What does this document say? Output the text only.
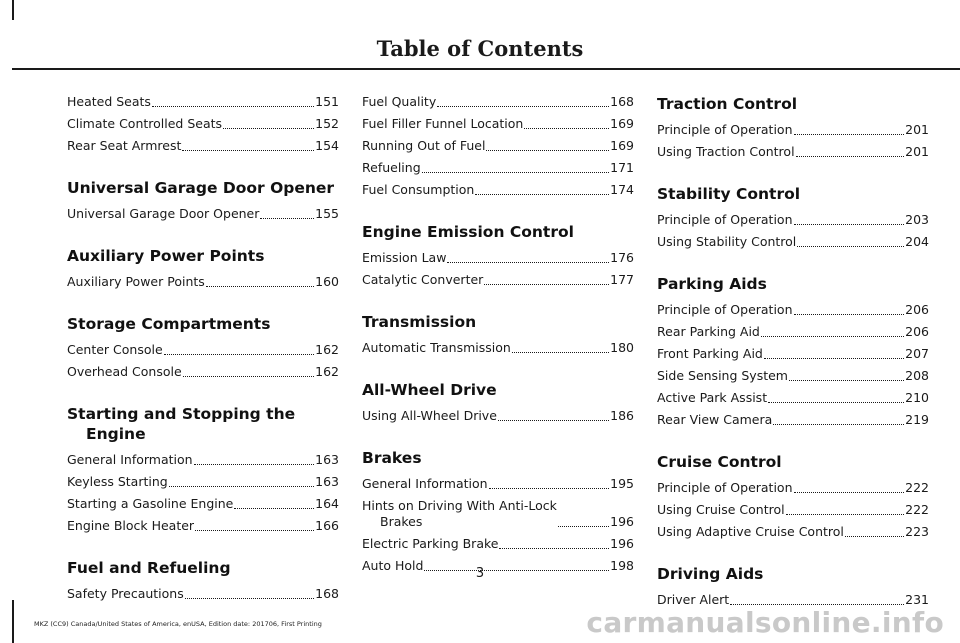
Table of Contents
Heated Seats	151
Climate Controlled Seats	152
Rear Seat Armrest	154
Universal Garage Door Opener
Universal Garage Door Opener	155
Auxiliary Power Points
Auxiliary Power Points	160
Storage Compartments
Center Console	162
Overhead Console	162
Starting and Stopping the
Engine
General Information	163
Keyless Starting	163
Starting a Gasoline Engine	164
Engine Block Heater	166
Fuel and Refueling
Safety Precautions	168
Fuel Quality	168
Fuel Filler Funnel Location	169
Running Out of Fuel	169
Refueling	171
Fuel Consumption	174
Engine Emission Control
Emission Law	176
Catalytic Converter	177
Transmission
Automatic Transmission	180
All-Wheel Drive
Using All-Wheel Drive	186
Brakes
General Information	195
Hints on Driving With Anti-Lock
Brakes	196
Electric Parking Brake	196
Auto Hold	198
Traction Control
Principle of Operation	201
Using Traction Control	201
Stability Control
Principle of Operation	203
Using Stability Control	204
Parking Aids
Principle of Operation	206
Rear Parking Aid	206
Front Parking Aid	207
Side Sensing System	208
Active Park Assist	210
Rear View Camera	219
Cruise Control
Principle of Operation	222
Using Cruise Control	222
Using Adaptive Cruise Control	223
Driving Aids
Driver Alert	231
3
MKZ (CC9) Canada/United States of America, enUSA, Edition date: 201706, First Printing	carmanualsonline.info
